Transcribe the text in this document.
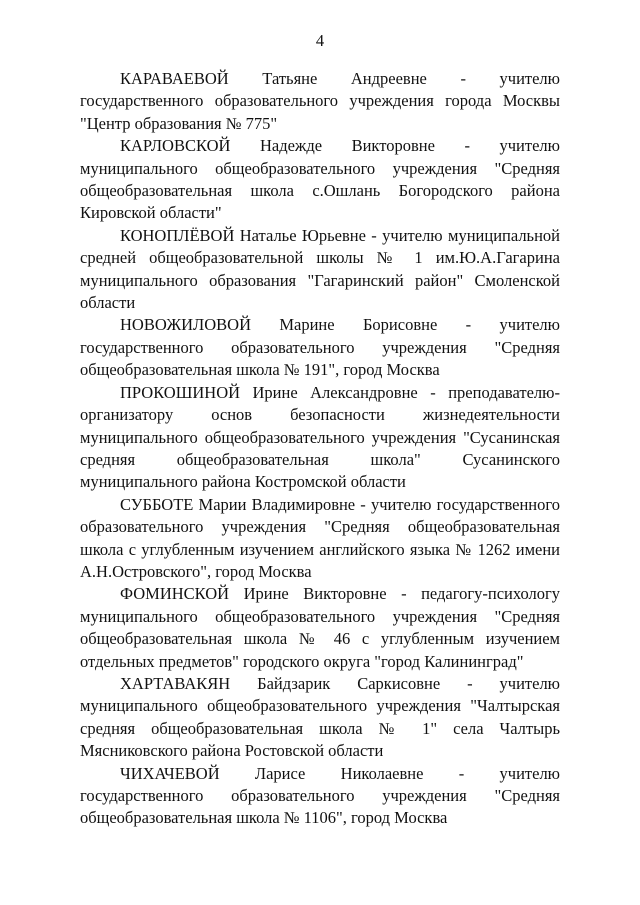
4

КАРАВАЕВОЙ Татьяне Андреевне - учителю государственного образовательного учреждения города Москвы "Центр образования № 775"

КАРЛОВСКОЙ Надежде Викторовне - учителю муниципального общеобразовательного учреждения "Средняя общеобразовательная школа с.Ошлань Богородского района Кировской области"

КОНОПЛЁВОЙ Наталье Юрьевне - учителю муниципальной средней общеобразовательной школы № 1 им.Ю.А.Гагарина муниципального образования "Гагаринский район" Смоленской области

НОВОЖИЛОВОЙ Марине Борисовне - учителю государственного образовательного учреждения "Средняя общеобразовательная школа № 191", город Москва

ПРОКОШИНОЙ Ирине Александровне - преподавателю-организатору основ безопасности жизнедеятельности муниципального общеобразовательного учреждения "Сусанинская средняя общеобразовательная школа" Сусанинского муниципального района Костромской области

СУББОТЕ Марии Владимировне - учителю государственного образовательного учреждения "Средняя общеобразовательная школа с углубленным изучением английского языка № 1262 имени А.Н.Островского", город Москва

ФОМИНСКОЙ Ирине Викторовне - педагогу-психологу муниципального общеобразовательного учреждения "Средняя общеобразовательная школа № 46 с углубленным изучением отдельных предметов" городского округа "город Калининград"

ХАРТАВАКЯН Байдзарик Саркисовне - учителю муниципального общеобразовательного учреждения "Чалтырская средняя общеобразовательная школа № 1" села Чалтырь Мясниковского района Ростовской области

ЧИХАЧЕВОЙ Ларисе Николаевне - учителю государственного образовательного учреждения "Средняя общеобразовательная школа № 1106", город Москва
